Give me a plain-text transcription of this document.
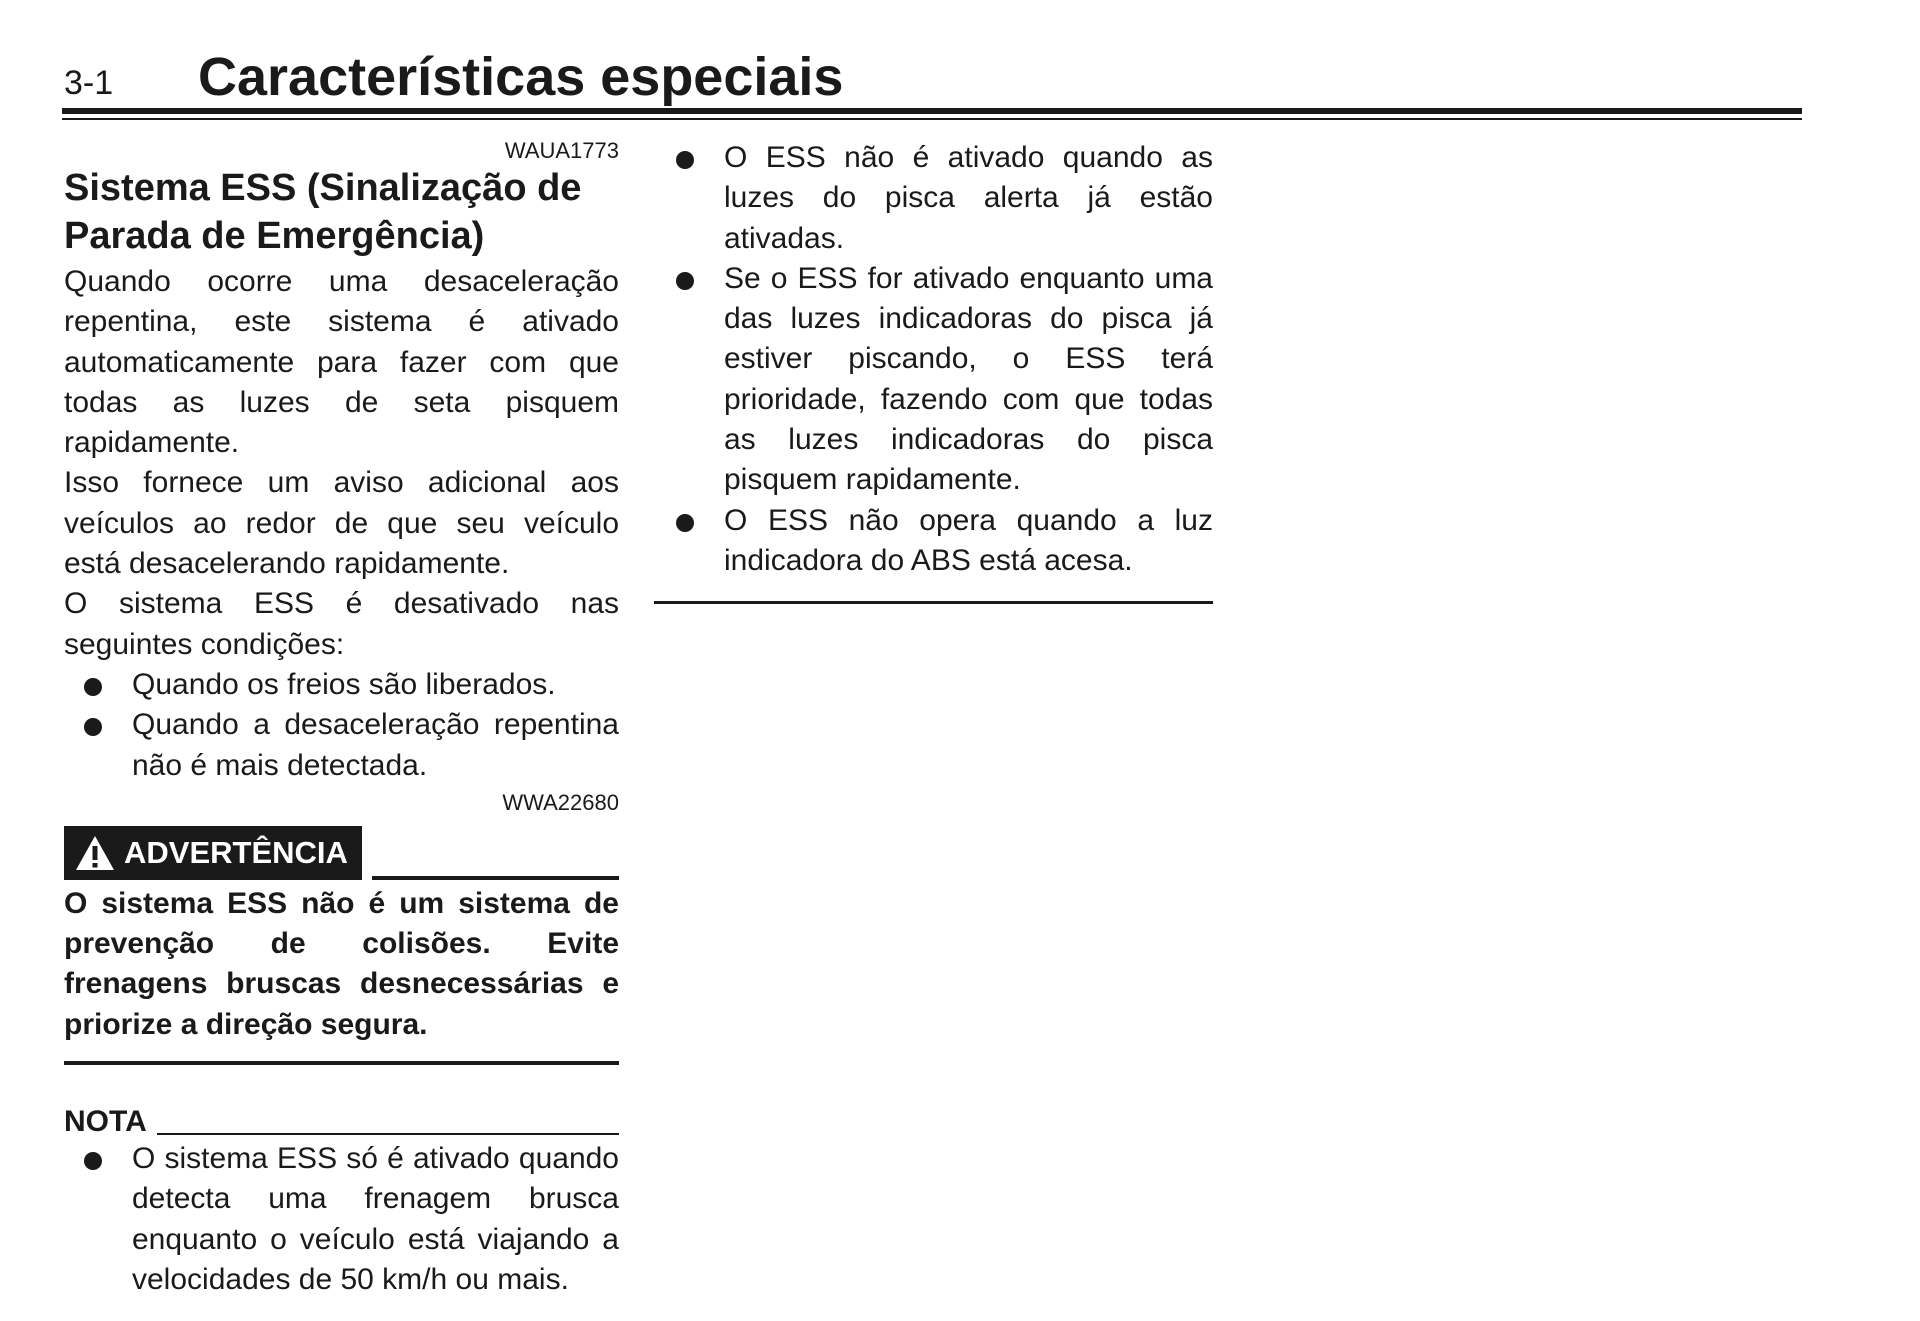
3-1 Características especiais
WAUA1773
Sistema ESS (Sinalização de Parada de Emergência)

Quando ocorre uma desaceleração repentina, este sistema é ativado automaticamente para fazer com que todas as luzes de seta pisquem rapidamente.

Isso fornece um aviso adicional aos veículos ao redor de que seu veículo está desacelerando rapidamente.

O sistema ESS é desativado nas seguintes condições:

Quando os freios são liberados.
Quando a desaceleração repentina não é mais detectada.
WWA22680
ADVERTÊNCIA

O sistema ESS não é um sistema de prevenção de colisões. Evite frenagens bruscas desnecessárias e priorize a direção segura.

NOTA
O sistema ESS só é ativado quando detecta uma frenagem brusca enquanto o veículo está viajando a velocidades de 50 km/h ou mais.
O ESS não é ativado quando as luzes do pisca alerta já estão ativadas.
Se o ESS for ativado enquanto uma das luzes indicadoras do pisca já estiver piscando, o ESS terá prioridade, fazendo com que todas as luzes indicadoras do pisca pisquem rapidamente.
O ESS não opera quando a luz indicadora do ABS está acesa.
